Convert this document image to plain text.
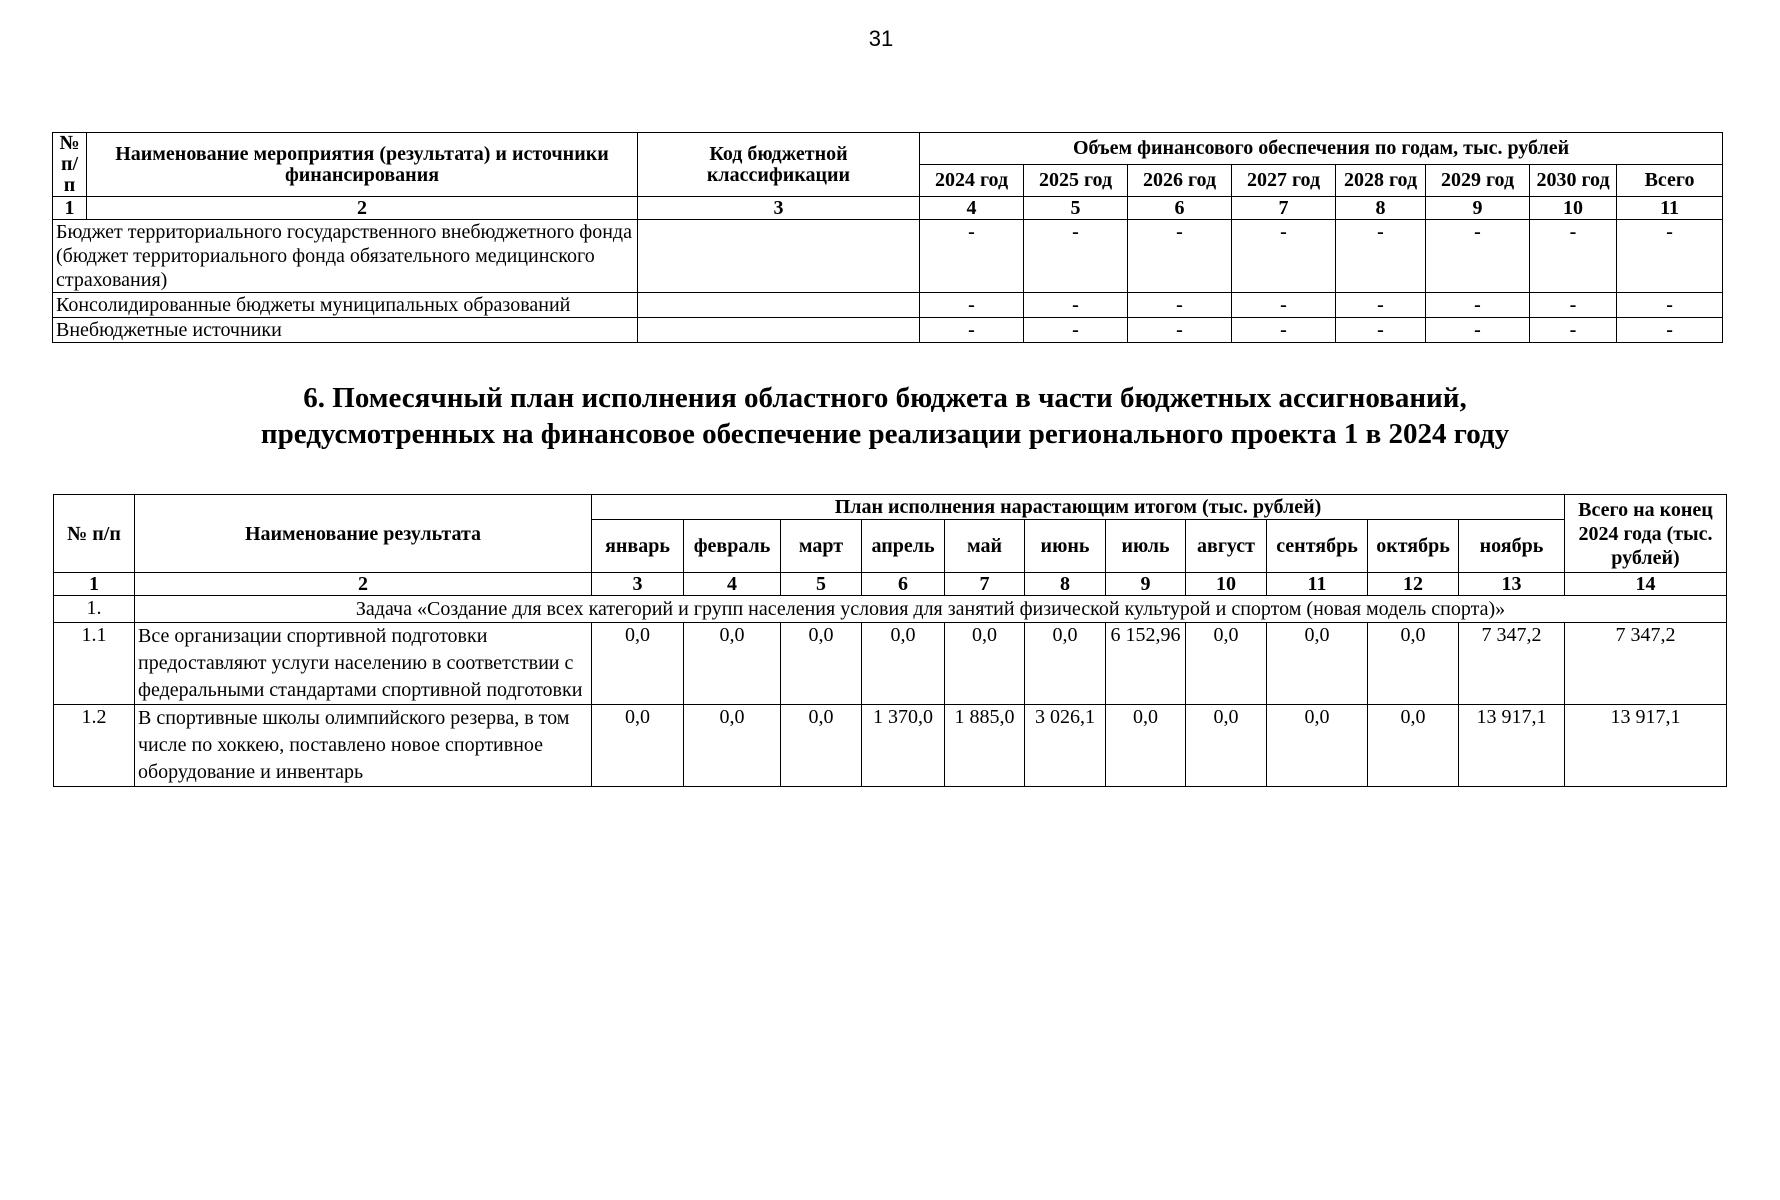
31
№ п/п	Наименование мероприятия (результата) и источники финансирования	Код бюджетной классификации	Объем финансового обеспечения по годам, тыс. рублей							
			2024 год	2025 год	2026 год	2027 год	2028 год	2029 год	2030 год	Всего
1	2	3	4	5	6	7	8	9	10	11
Бюджет территориального государственного внебюджетного фонда (бюджет территориального фонда обязательного медицинского страхования)			-	-	-	-	-	-	-	-
Консолидированные бюджеты муниципальных образований			-	-	-	-	-	-	-	-
Внебюджетные источники			-	-	-	-	-	-	-	-
6. Помесячный план исполнения областного бюджета в части бюджетных ассигнований,
предусмотренных на финансовое обеспечение реализации регионального проекта 1 в 2024 году
№ п/п	Наименование результата	План исполнения нарастающим итогом (тыс. рублей)											Всего на конец 2024 года (тыс. рублей)
		январь	февраль	март	апрель	май	июнь	июль	август	сентябрь	октябрь	ноябрь	
1	2	3	4	5	6	7	8	9	10	11	12	13	14
1.	Задача «Создание для всех категорий и групп населения условия для занятий физической культурой и спортом (новая модель спорта)»												
1.1	Все организации спортивной подготовки предоставляют услуги населению в соответствии с федеральными стандартами спортивной подготовки	0,0	0,0	0,0	0,0	0,0	0,0	6 152,96	0,0	0,0	0,0	7 347,2	7 347,2
1.2	В спортивные школы олимпийского резерва, в том числе по хоккею, поставлено новое спортивное оборудование и инвентарь	0,0	0,0	0,0	1 370,0	1 885,0	3 026,1	0,0	0,0	0,0	0,0	13 917,1	13 917,1
